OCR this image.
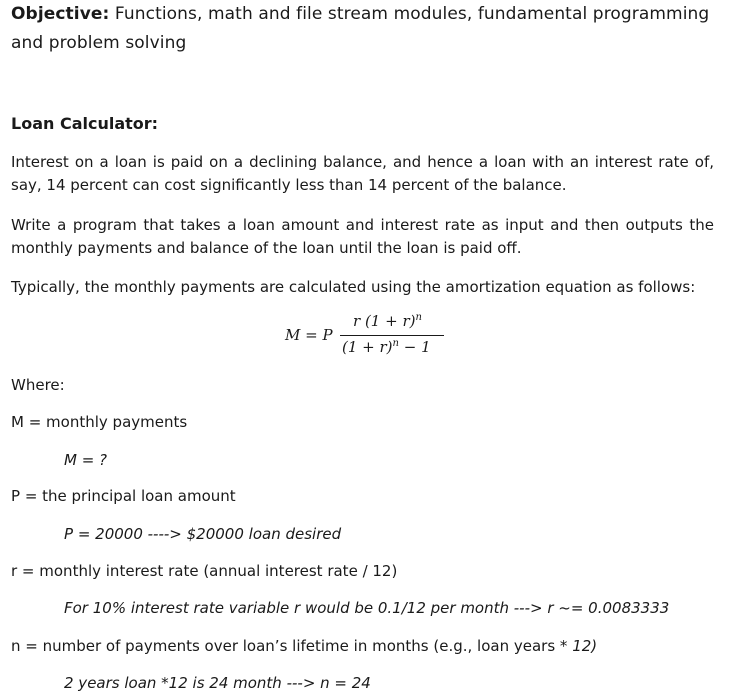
Objective: Functions, math and file stream modules, fundamental programming and problem solving
Loan Calculator:
Interest on a loan is paid on a declining balance, and hence a loan with an interest rate of, say, 14 percent can cost significantly less than 14 percent of the balance.
Write a program that takes a loan amount and interest rate as input and then outputs the monthly payments and balance of the loan until the loan is paid off.
Typically, the monthly payments are calculated using the amortization equation as follows:
M = P
r $(1 + r)^n$
$(1 + r)^n - 1$
Where:
M = monthly payments
M = ?
P = the principal loan amount
P = 20000 ----> $20000 loan desired
r = monthly interest rate (annual interest rate / 12)
For 10% interest rate variable r would be 0.1/12 per month ---> r ~= 0.0083333
n = number of payments over loan’s lifetime in months (e.g., loan years * 12)
2 years loan *12 is 24 month ---> n = 24
